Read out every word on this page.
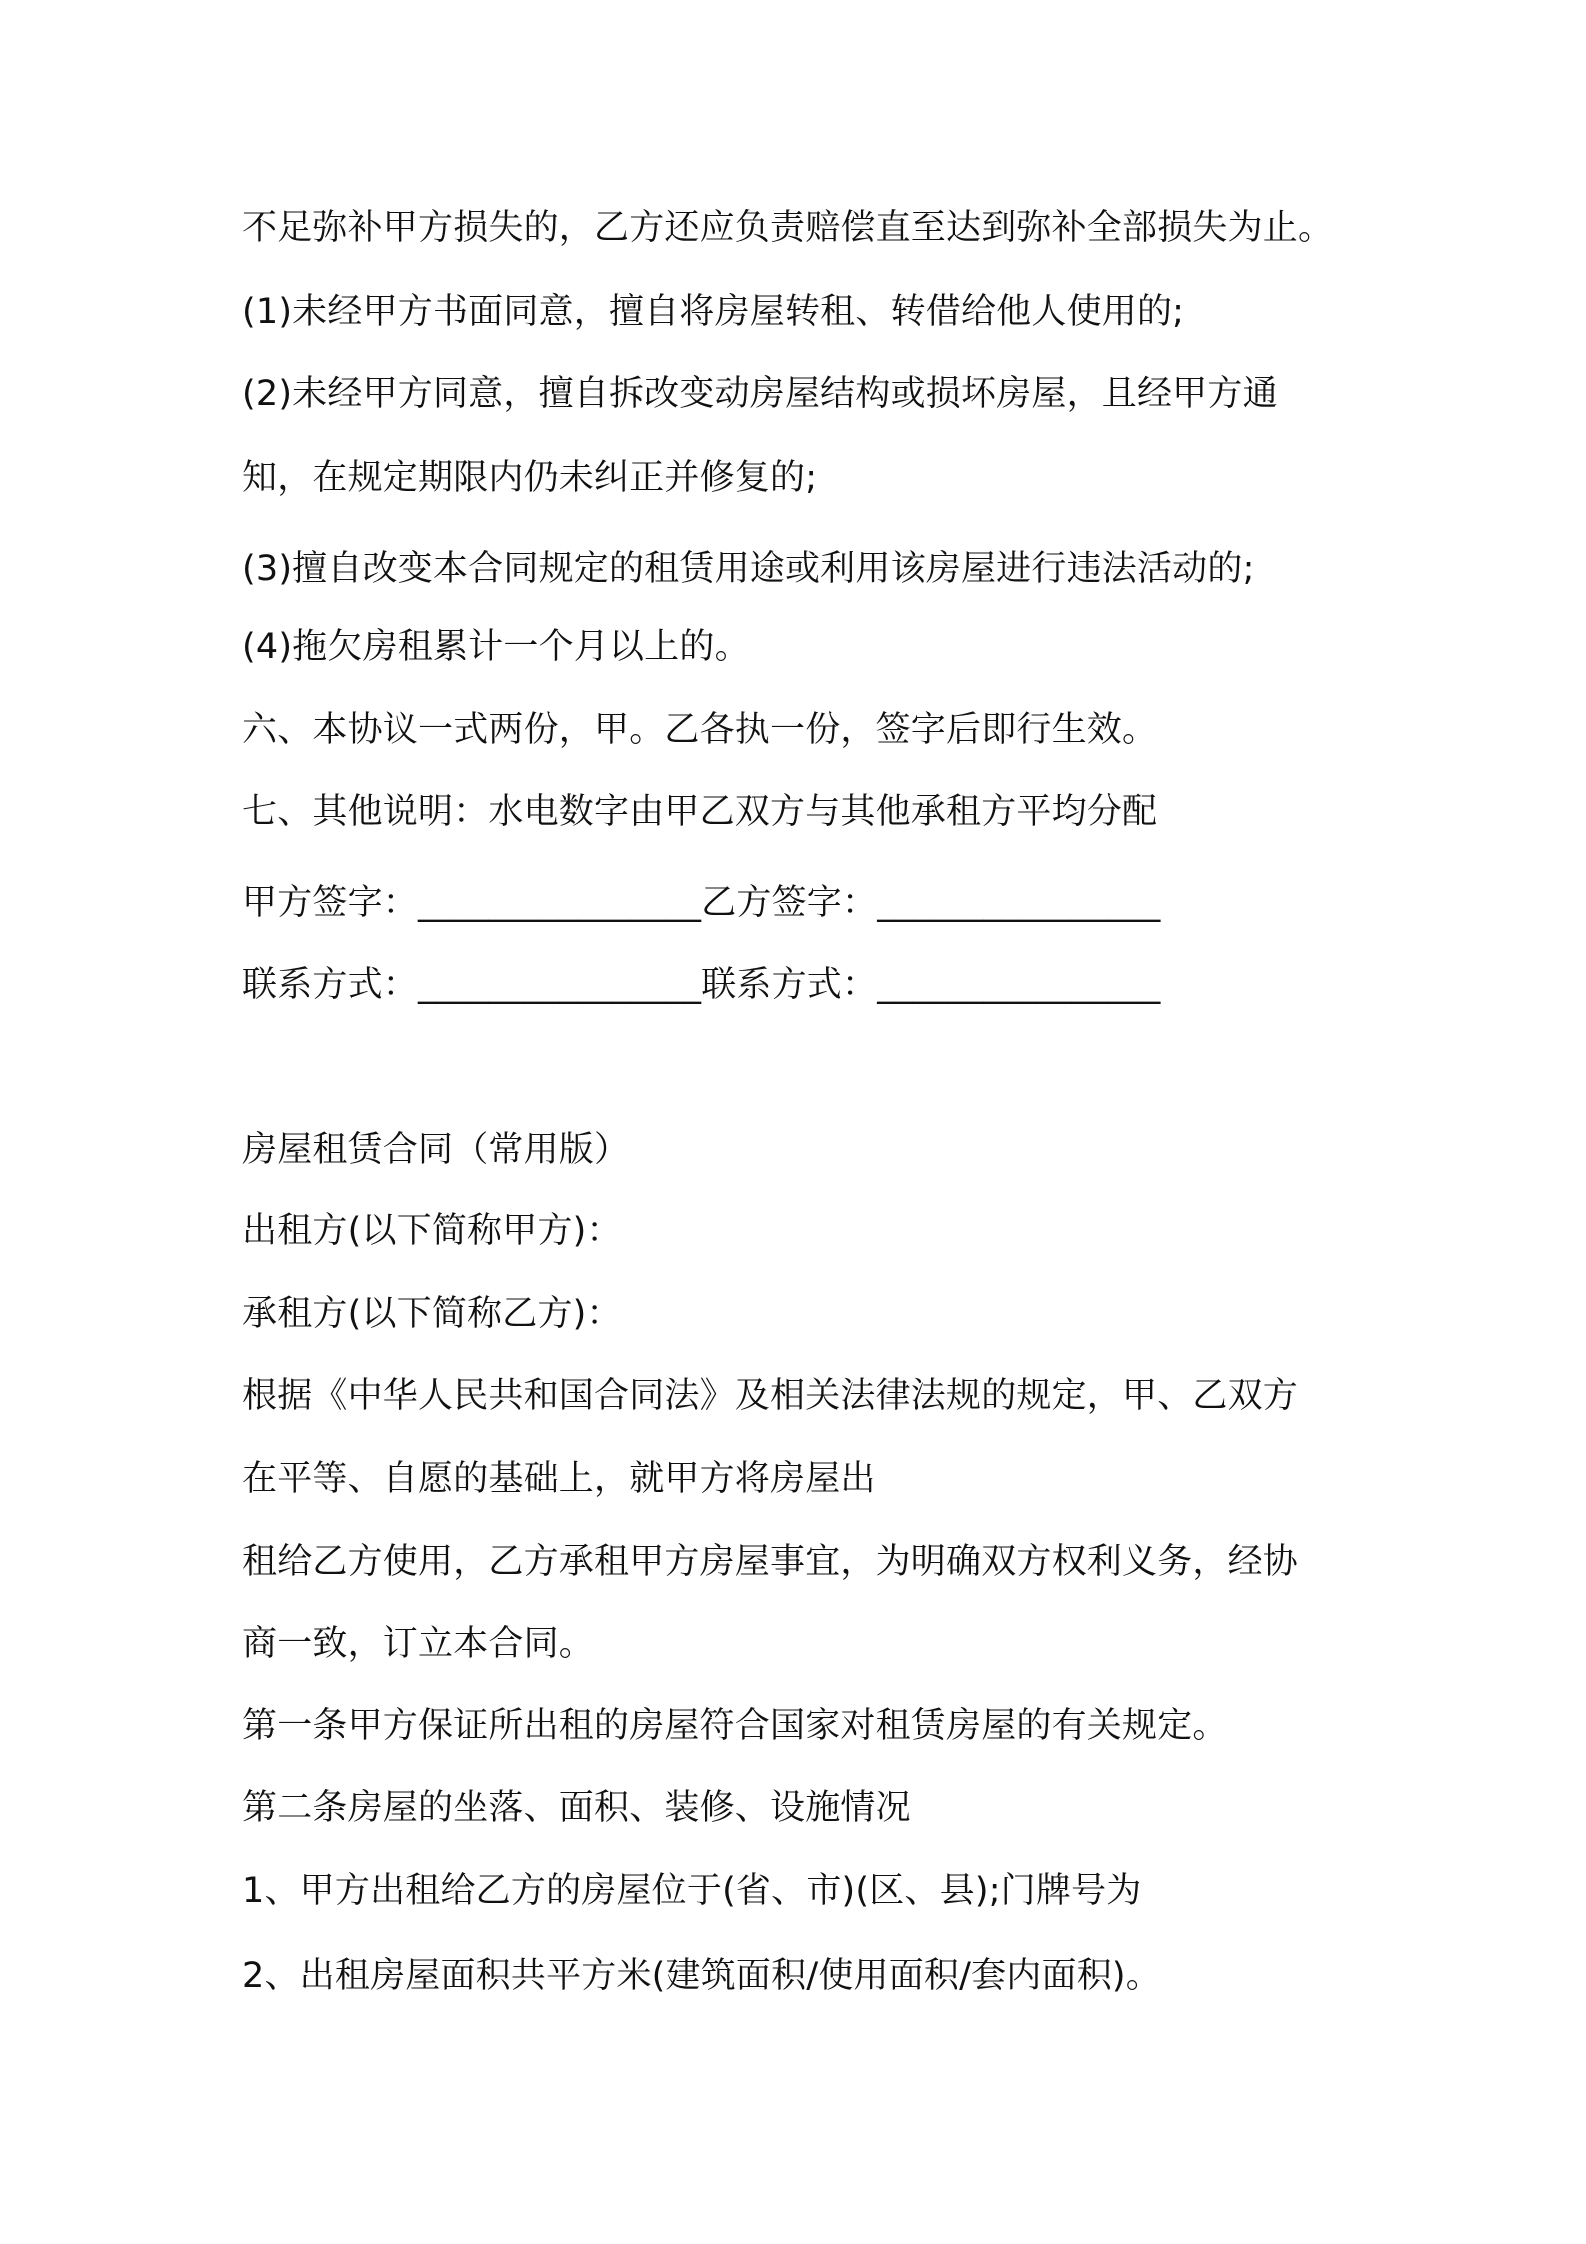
不足弥补甲方损失的，乙方还应负责赔偿直至达到弥补全部损失为止。
(1)未经甲方书面同意，擅自将房屋转租、转借给他人使用的;
(2)未经甲方同意，擅自拆改变动房屋结构或损坏房屋，且经甲方通
知，在规定期限内仍未纠正并修复的;
(3)擅自改变本合同规定的租赁用途或利用该房屋进行违法活动的;
(4)拖欠房租累计一个月以上的。
六、本协议一式两份，甲。乙各执一份，签字后即行生效。
七、其他说明：水电数字由甲乙双方与其他承租方平均分配
甲方签字：________________乙方签字：________________
联系方式：________________联系方式：________________
房屋租赁合同（常用版）
出租方(以下简称甲方)：
承租方(以下简称乙方)：
根据《中华人民共和国合同法》及相关法律法规的规定，甲、乙双方
在平等、自愿的基础上，就甲方将房屋出
租给乙方使用，乙方承租甲方房屋事宜，为明确双方权利义务，经协
商一致，订立本合同。
第一条甲方保证所出租的房屋符合国家对租赁房屋的有关规定。
第二条房屋的坐落、面积、装修、设施情况
1、甲方出租给乙方的房屋位于(省、市)(区、县);门牌号为
2、出租房屋面积共平方米(建筑面积/使用面积/套内面积)。
